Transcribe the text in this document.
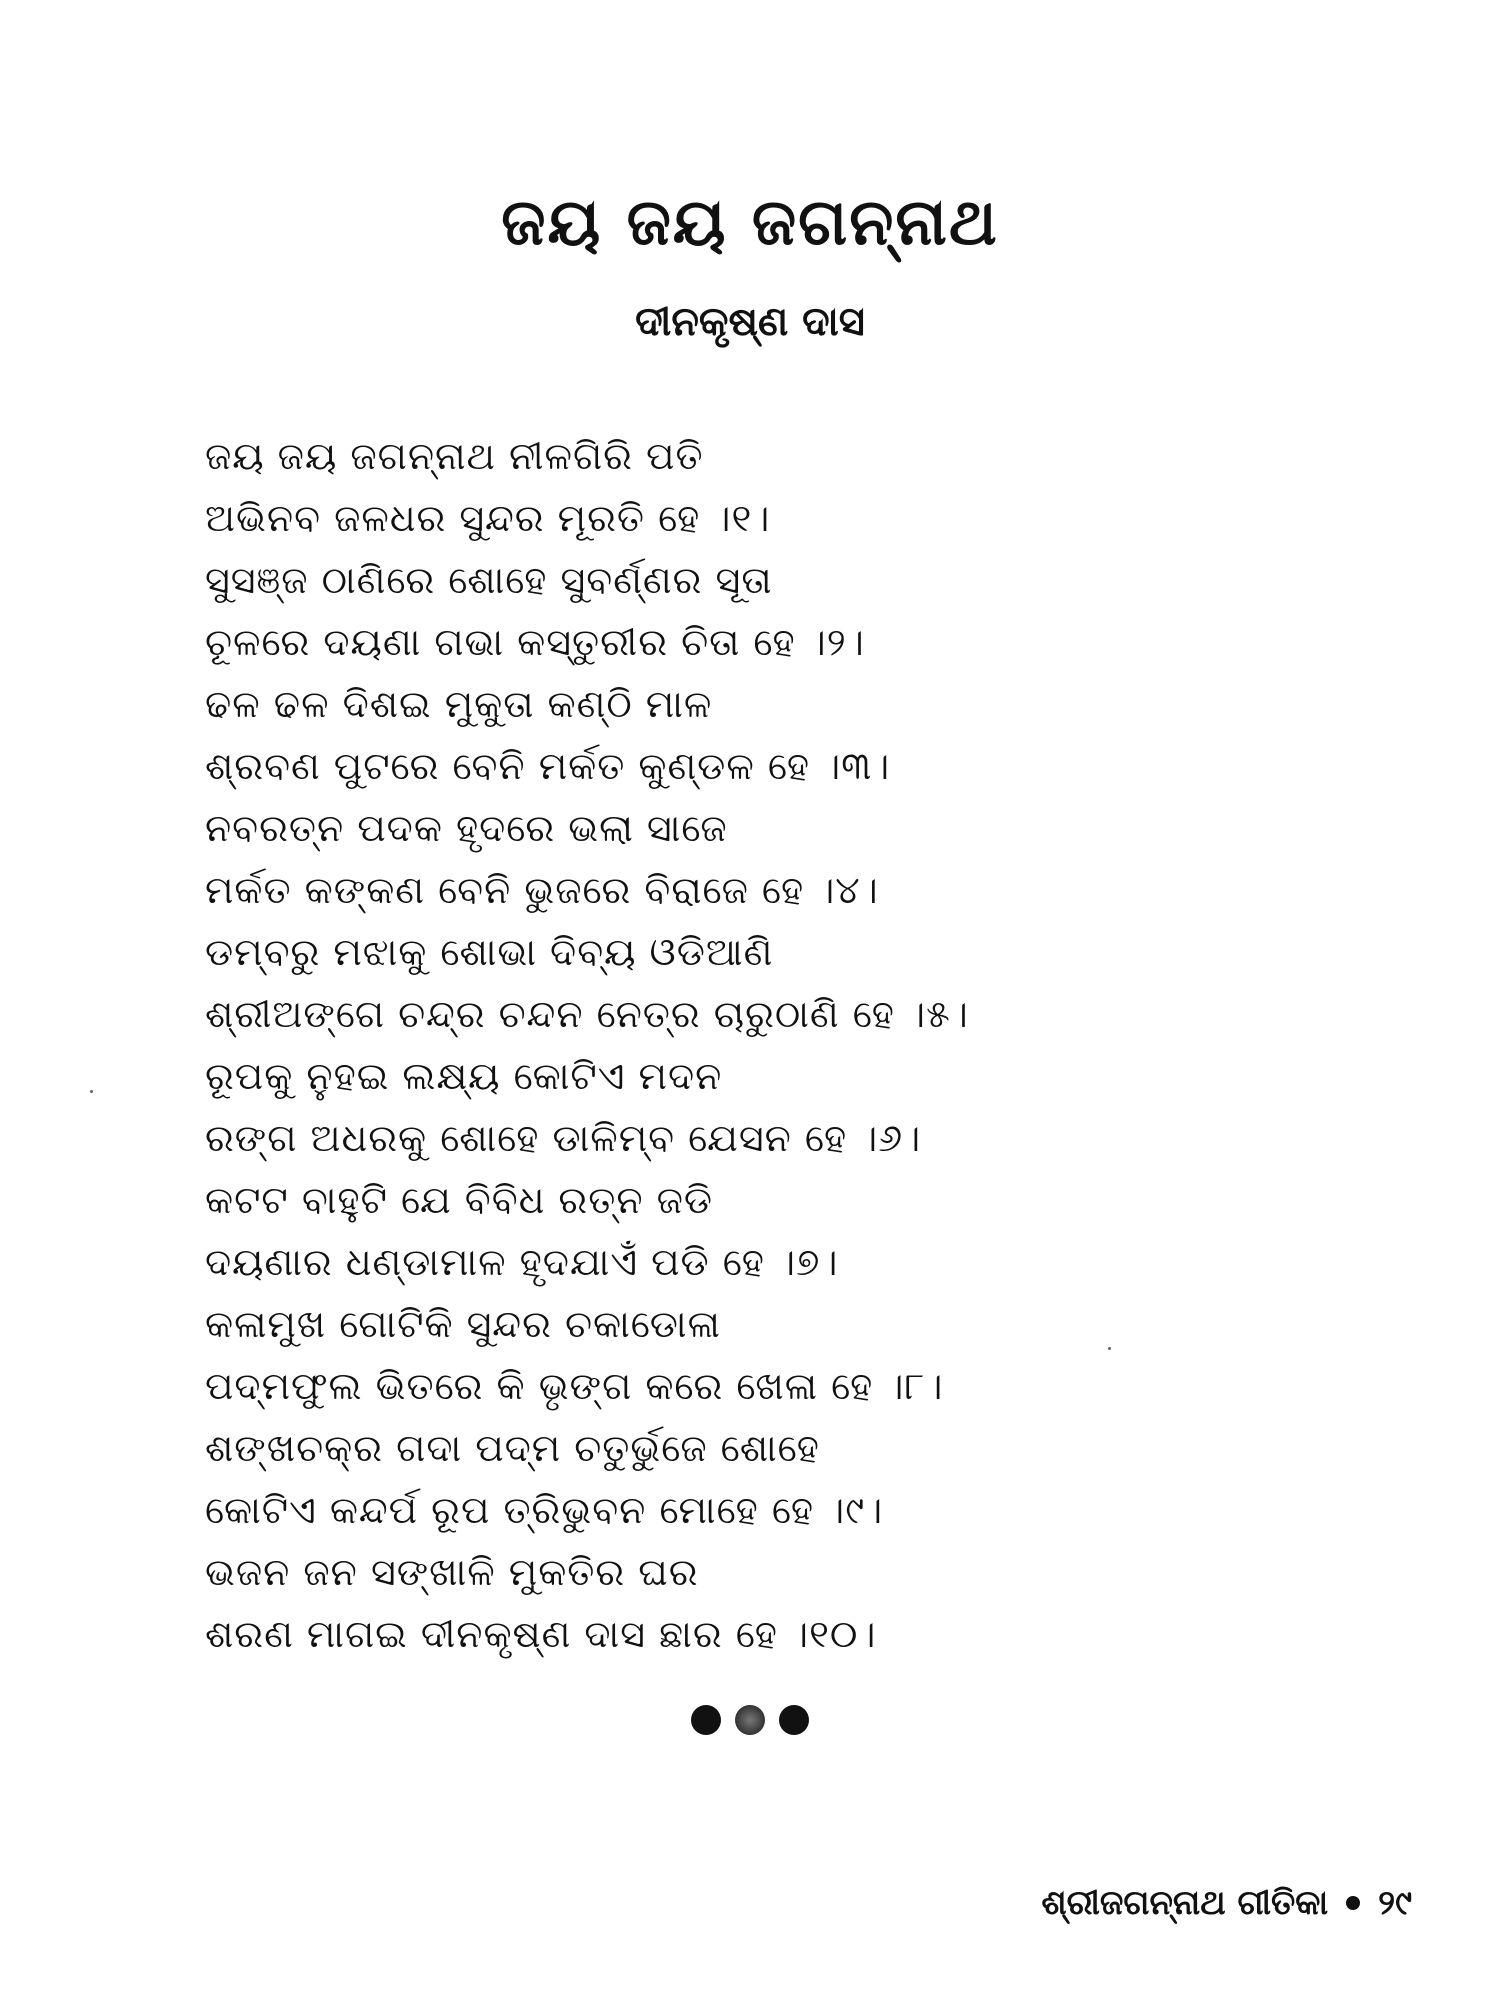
ଜୟ ଜୟ ଜଗନ୍ନାଥ
ଦୀନକୃଷ୍ଣ ଦାସ
ଜୟ ଜୟ ଜଗନ୍ନାଥ ନୀଳଗିରି ପତି
ଅଭିନବ ଜଳଧର ସୁନ୍ଦର ମୂରତି ହେ ।୧।
ସୁସଞ୍ଜ ଠାଣିରେ ଶୋହେ ସୁବର୍ଣ୍ଣର ସୂତା
ଚୂଳରେ ଦୟଣା ଗଭା କସ୍ତୁରୀର ଚିତା ହେ ।୨।
ଢଳ ଢଳ ଦିଶଇ ମୁକୁତା କଣ୍ଠି ମାଳ
ଶ୍ରବଣ ପୁଟରେ ବେନି ମର୍କତ କୁଣ୍ଡଳ ହେ ।୩।
ନବରତ୍ନ ପଦକ ହୃଦରେ ଭଲା ସାଜେ
ମର୍କତ କଙ୍କଣ ବେନି ଭୁଜରେ ବିରାଜେ ହେ ।୪।
ଡମ୍ବରୁ ମଝାକୁ ଶୋଭା ଦିବ୍ୟ ଓଡିଆଣି
ଶ୍ରୀଅଙ୍ଗେ ଚନ୍ଦ୍ର ଚନ୍ଦନ ନେତ୍ର ଚାରୁଠାଣି ହେ ।୫।
ରୂପକୁ ନୁହଇ ଲକ୍ଷ୍ୟ କୋଟିଏ ମଦନ
ରଙ୍ଗ ଅଧରକୁ ଶୋହେ ଡାଳିମ୍ବ ଯେସନ ହେ ।୬।
କଟଟ ବାହୁଟି ଯେ ବିବିଧ ରତ୍ନ ଜଡି
ଦୟଣାର ଧଣ୍ଡାମାଳ ହୃଦଯାଏଁ ପଡି ହେ ।୭।
କଳାମୁଖ ଗୋଟିକି ସୁନ୍ଦର ଚକାଡୋଳା
ପଦ୍ମଫୁଲ ଭିତରେ କି ଭୃଙ୍ଗ କରେ ଖେଳା ହେ ।୮।
ଶଙ୍ଖଚକ୍ର ଗଦା ପଦ୍ମ ଚତୁର୍ଭୁଜେ ଶୋହେ
କୋଟିଏ କନ୍ଦର୍ପ ରୂପ ତ୍ରିଭୁବନ ମୋହେ ହେ ।୯।
ଭଜନ ଜନ ସଙ୍ଖାଳି ମୁକତିର ଘର
ଶରଣ ମାଗଇ ଦୀନକୃଷ୍ଣ ଦାସ ଛାର ହେ ।୧୦।
ଶ୍ରୀଜଗନ୍ନାଥ ଗୀତିକା ୨୯
